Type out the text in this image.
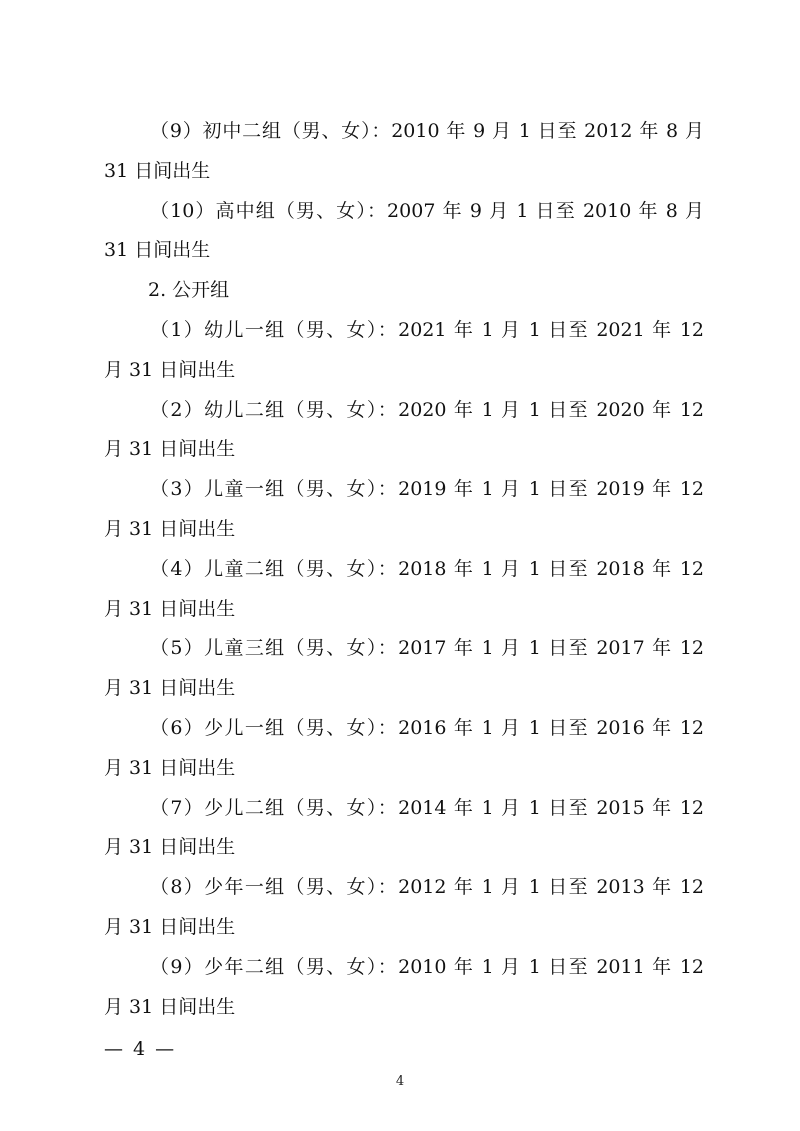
（9）初中二组（男、女）：2010 年 9 月 1 日至 2012 年 8 月
31 日间出生
（10）高中组（男、女）：2007 年 9 月 1 日至 2010 年 8 月
31 日间出生
2. 公开组
（1）幼儿一组（男、女）：2021 年 1 月 1 日至 2021 年 12
月 31 日间出生
（2）幼儿二组（男、女）：2020 年 1 月 1 日至 2020 年 12
月 31 日间出生
（3）儿童一组（男、女）：2019 年 1 月 1 日至 2019 年 12
月 31 日间出生
（4）儿童二组（男、女）：2018 年 1 月 1 日至 2018 年 12
月 31 日间出生
（5）儿童三组（男、女）：2017 年 1 月 1 日至 2017 年 12
月 31 日间出生
（6）少儿一组（男、女）：2016 年 1 月 1 日至 2016 年 12
月 31 日间出生
（7）少儿二组（男、女）：2014 年 1 月 1 日至 2015 年 12
月 31 日间出生
（8）少年一组（男、女）：2012 年 1 月 1 日至 2013 年 12
月 31 日间出生
（9）少年二组（男、女）：2010 年 1 月 1 日至 2011 年 12
月 31 日间出生
— 4 —
4
